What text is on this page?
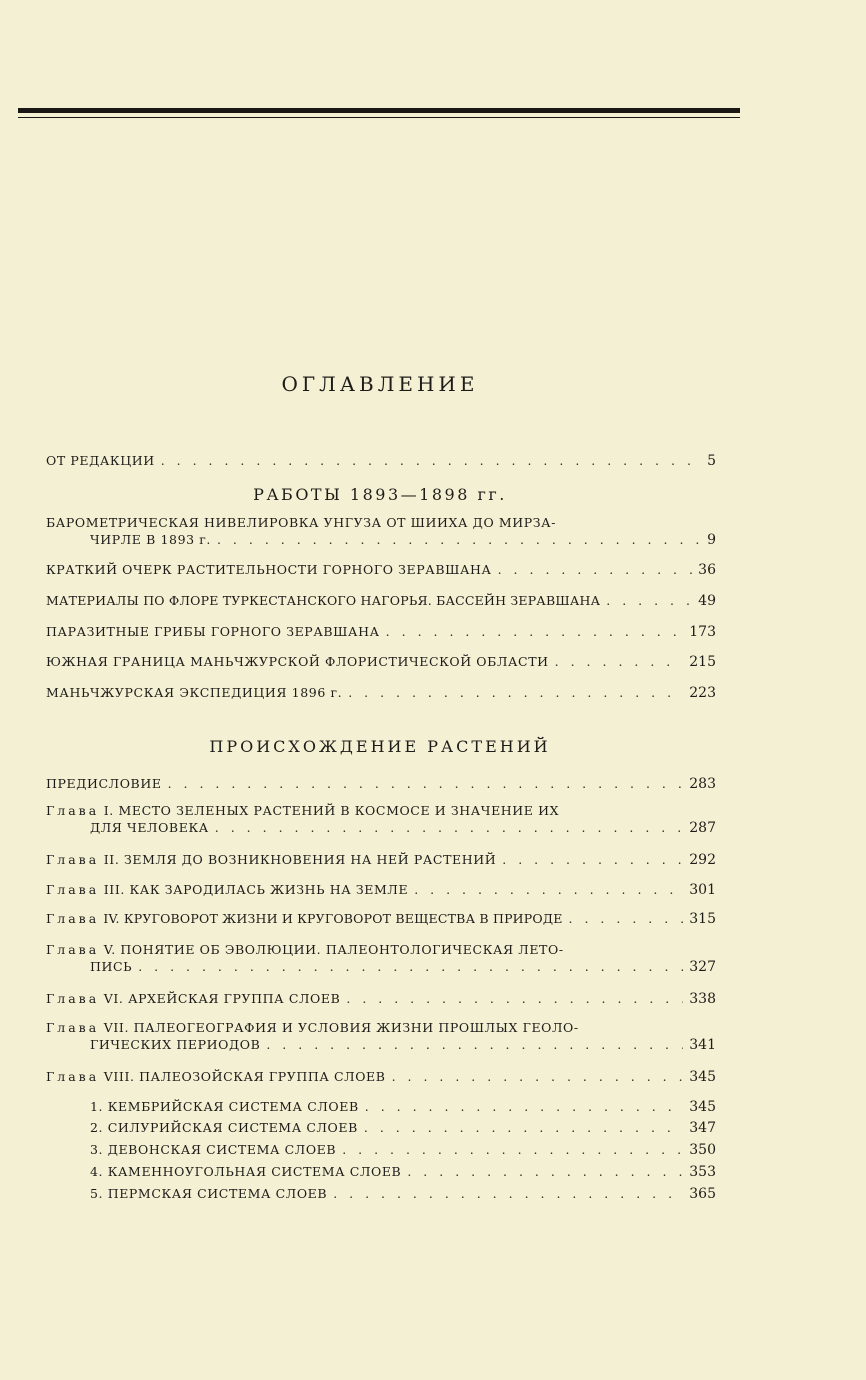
ОГЛАВЛЕНИЕ
ОТ РЕДАКЦИИ . . .	5
РАБОТЫ 1893—1898 гг.
БАРОМЕТРИЧЕСКАЯ НИВЕЛИРОВКА УНГУЗА ОТ ШИИХА ДО МИРЗА-
ЧИРЛЕ В 1893 г. . . .	9
КРАТКИЙ ОЧЕРК РАСТИТЕЛЬНОСТИ ГОРНОГО ЗЕРАВШАНА . . .	36
МАТЕРИАЛЫ ПО ФЛОРЕ ТУРКЕСТАНСКОГО НАГОРЬЯ. БАССЕЙН ЗЕРАВШАНА . . .	49
ПАРАЗИТНЫЕ ГРИБЫ ГОРНОГО ЗЕРАВШАНА . . .	173
ЮЖНАЯ ГРАНИЦА МАНЬЧЖУРСКОЙ ФЛОРИСТИЧЕСКОЙ ОБЛАСТИ . . .	215
МАНЬЧЖУРСКАЯ ЭКСПЕДИЦИЯ 1896 г. . . .	223
ПРОИСХОЖДЕНИЕ РАСТЕНИЙ
ПРЕДИСЛОВИЕ . . .	283
Глава I. МЕСТО ЗЕЛЕНЫХ РАСТЕНИЙ В КОСМОСЕ И ЗНАЧЕНИЕ ИХ
ДЛЯ ЧЕЛОВЕКА . . .	287
Глава II. ЗЕМЛЯ ДО ВОЗНИКНОВЕНИЯ НА НЕЙ РАСТЕНИЙ . . .	292
Глава III. КАК ЗАРОДИЛАСЬ ЖИЗНЬ НА ЗЕМЛЕ . . .	301
Глава IV. КРУГОВОРОТ ЖИЗНИ И КРУГОВОРОТ ВЕЩЕСТВА В ПРИРОДЕ . . .	315
Глава V. ПОНЯТИЕ ОБ ЭВОЛЮЦИИ. ПАЛЕОНТОЛОГИЧЕСКАЯ ЛЕТО-
ПИСЬ . . .	327
Глава VI. АРХЕЙСКАЯ ГРУППА СЛОЕВ . . .	338
Глава VII. ПАЛЕОГЕОГРАФИЯ И УСЛОВИЯ ЖИЗНИ ПРОШЛЫХ ГЕОЛО-
ГИЧЕСКИХ ПЕРИОДОВ . . .	341
Глава VIII. ПАЛЕОЗОЙСКАЯ ГРУППА СЛОЕВ . . .	345
1. КЕМБРИЙСКАЯ СИСТЕМА СЛОЕВ . . .	345
2. СИЛУРИЙСКАЯ СИСТЕМА СЛОЕВ . . .	347
3. ДЕВОНСКАЯ СИСТЕМА СЛОЕВ . . .	350
4. КАМЕННОУГОЛЬНАЯ СИСТЕМА СЛОЕВ . . .	353
5. ПЕРМСКАЯ СИСТЕМА СЛОЕВ . . .	365
